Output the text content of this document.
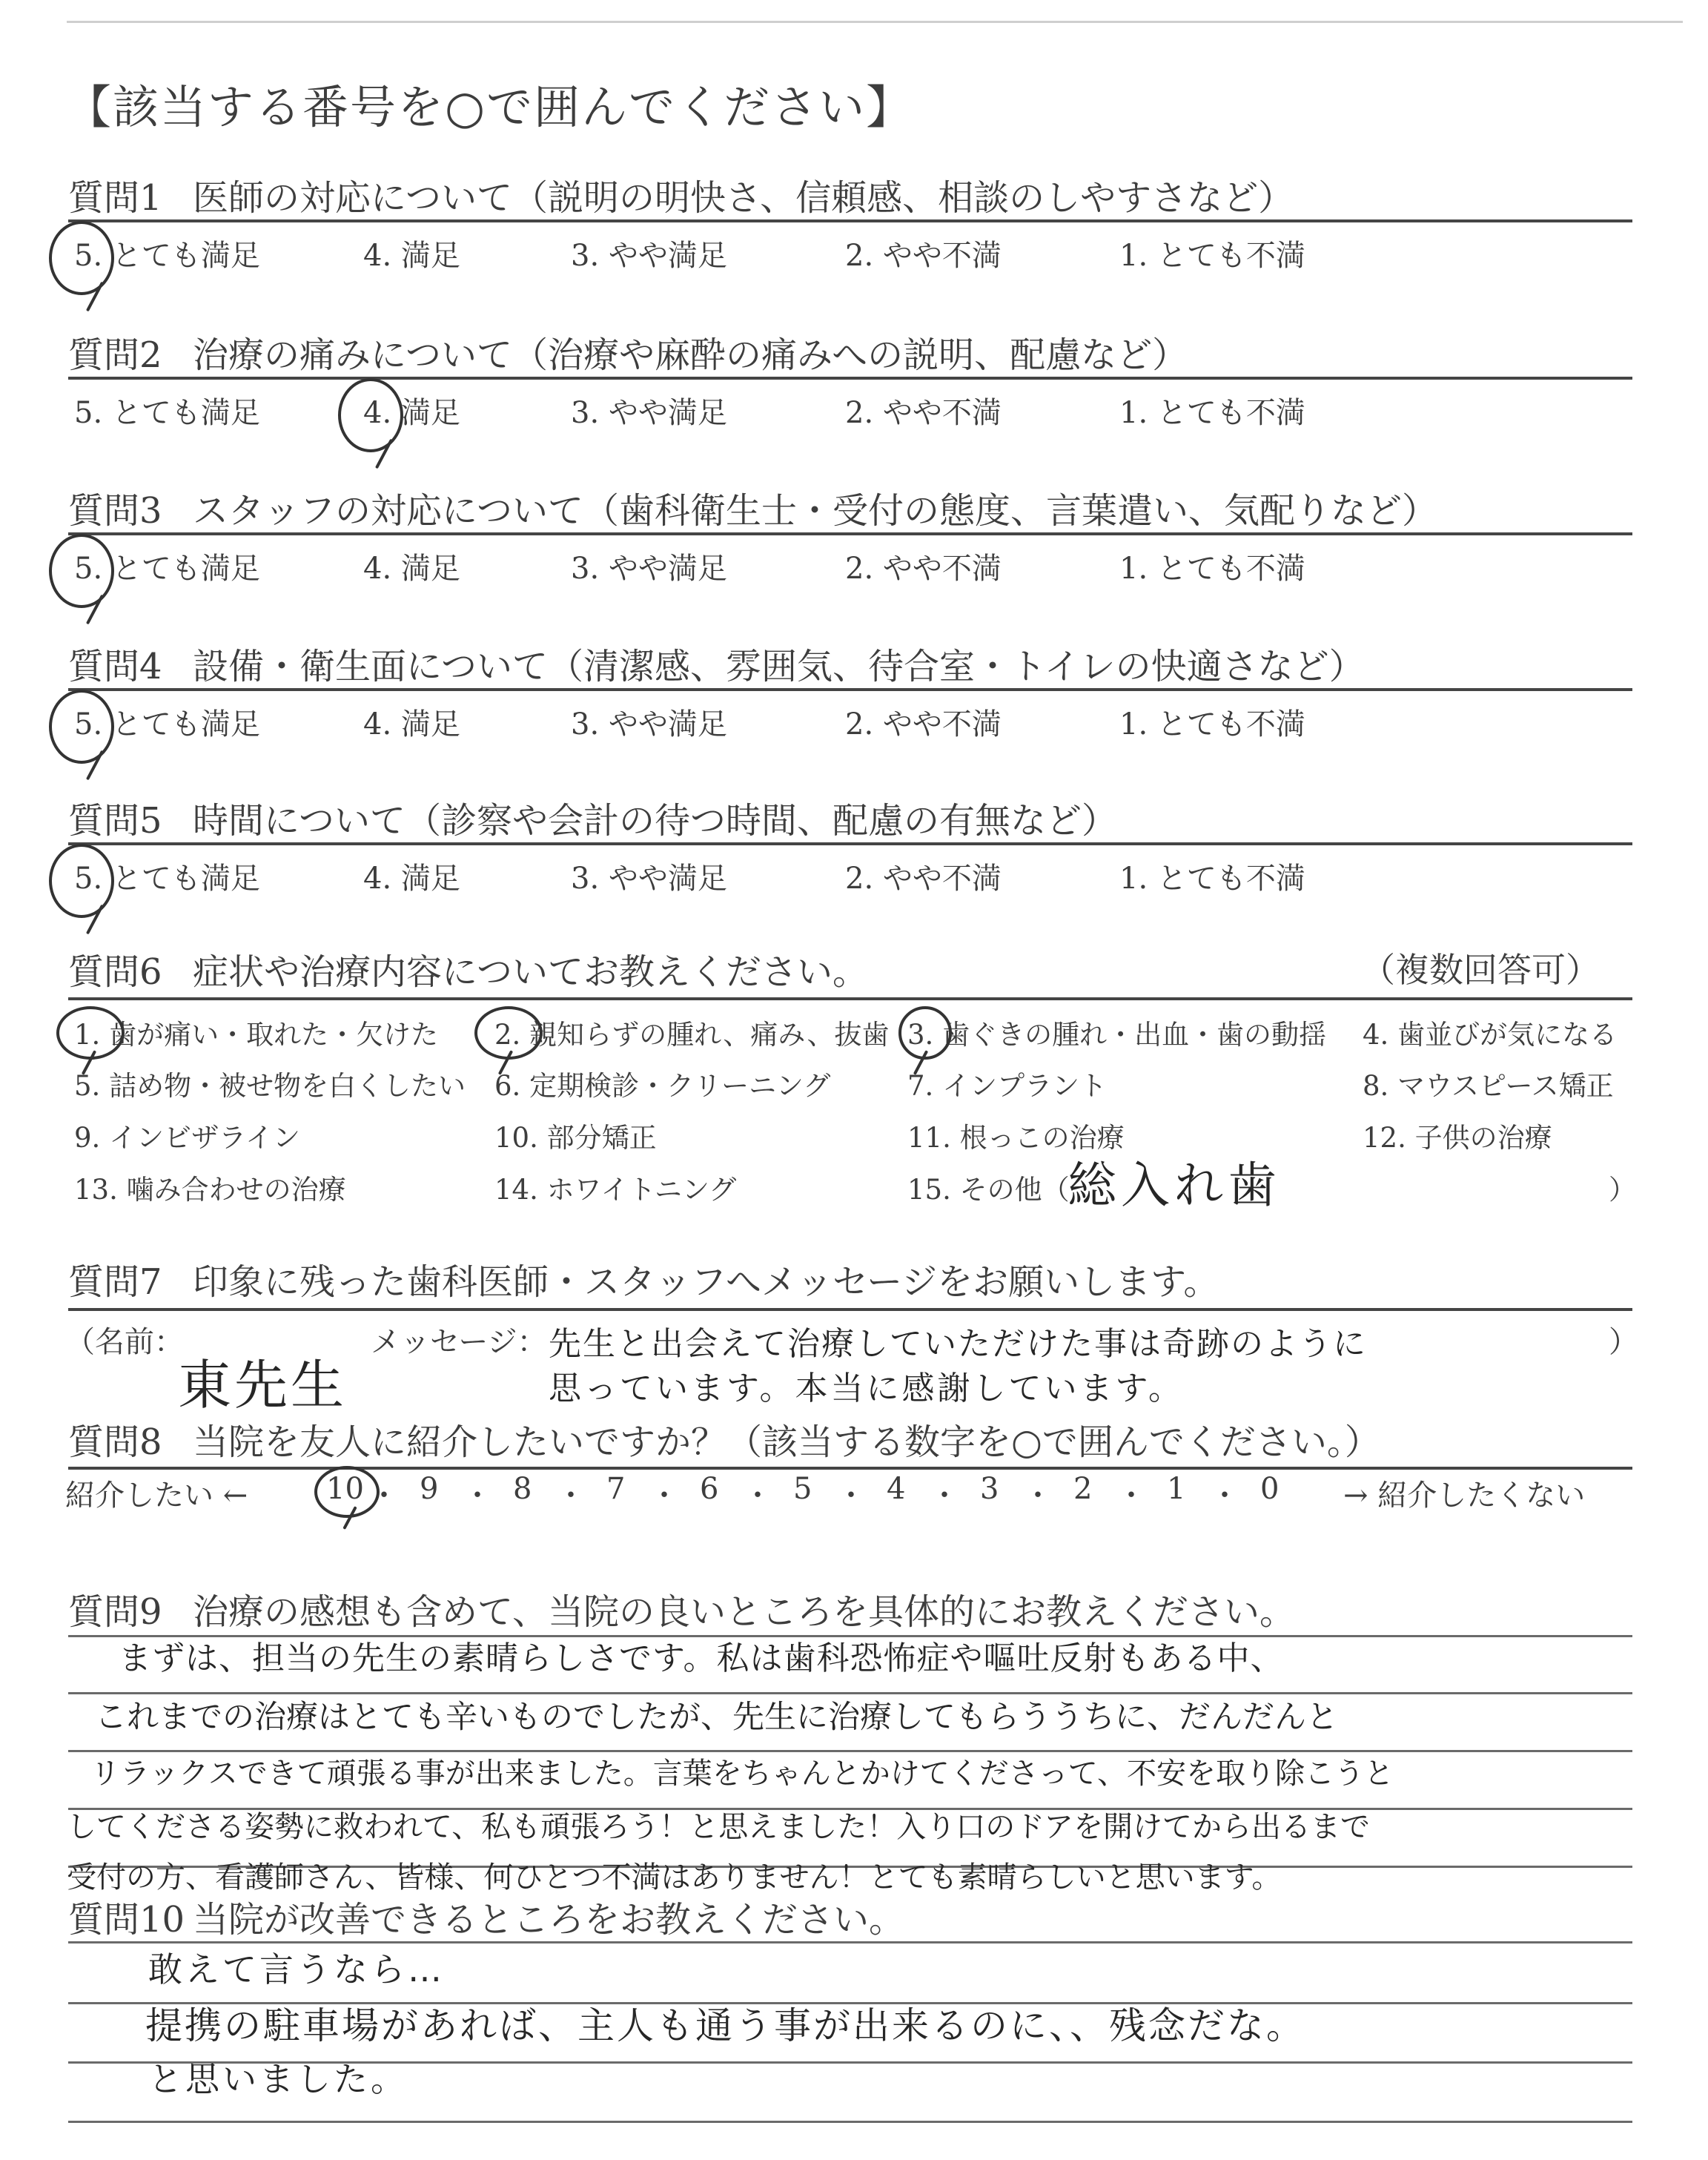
【該当する番号を○で囲んでください】
質問1 医師の対応について（説明の明快さ、信頼感、相談のしやすさなど）
5. とても満足	4. 満足	3. やや満足	2. やや不満	1. とても不満
質問2 治療の痛みについて（治療や麻酔の痛みへの説明、配慮など）
5. とても満足	4. 満足	3. やや満足	2. やや不満	1. とても不満
質問3 スタッフの対応について（歯科衛生士・受付の態度、言葉遣い、気配りなど）
5. とても満足	4. 満足	3. やや満足	2. やや不満	1. とても不満
質問4 設備・衛生面について（清潔感、雰囲気、待合室・トイレの快適さなど）
5. とても満足	4. 満足	3. やや満足	2. やや不満	1. とても不満
質問5 時間について（診察や会計の待つ時間、配慮の有無など）
5. とても満足	4. 満足	3. やや満足	2. やや不満	1. とても不満
質問6 症状や治療内容についてお教えください。	（複数回答可）
1. 歯が痛い・取れた・欠けた 2. 親知らずの腫れ、痛み、抜歯 3. 歯ぐきの腫れ・出血・歯の動揺 4. 歯並びが気になる
5. 詰め物・被せ物を白くしたい 6. 定期検診・クリーニング	7. インプラント	8. マウスピース矯正
9. インビザライン	10. 部分矯正	11. 根っこの治療	12. 子供の治療
13. 噛み合わせの治療	14. ホワイトニング	15. その他（	）
総入れ歯
質問7 印象に残った歯科医師・スタッフへメッセージをお願いします。
（名前：	メッセージ：	）
東先生
先生と出会えて治療していただけた事は奇跡のように
思っています。本当に感謝しています。
質問8 当院を友人に紹介したいですか？（該当する数字を○で囲んでください。）
紹介したい ←	→ 紹介したくない
10 ・ 9 ・ 8 ・ 7 ・ 6 ・ 5 ・ 4 ・ 3 ・ 2 ・ 1 ・ 0
質問9 治療の感想も含めて、当院の良いところを具体的にお教えください。
まずは、担当の先生の素晴らしさです。私は歯科恐怖症や嘔吐反射もある中、
これまでの治療はとても辛いものでしたが、先生に治療してもらううちに、だんだんと
リラックスできて頑張る事が出来ました。言葉をちゃんとかけてくださって、不安を取り除こうと
してくださる姿勢に救われて、私も頑張ろう！と思えました！入り口のドアを開けてから出るまで
受付の方、看護師さん、皆様、何ひとつ不満はありません！とても素晴らしいと思います。
質問10 当院が改善できるところをお教えください。
敢えて言うなら…
提携の駐車場があれば、主人も通う事が出来るのに、、残念だな。
と思いました。
